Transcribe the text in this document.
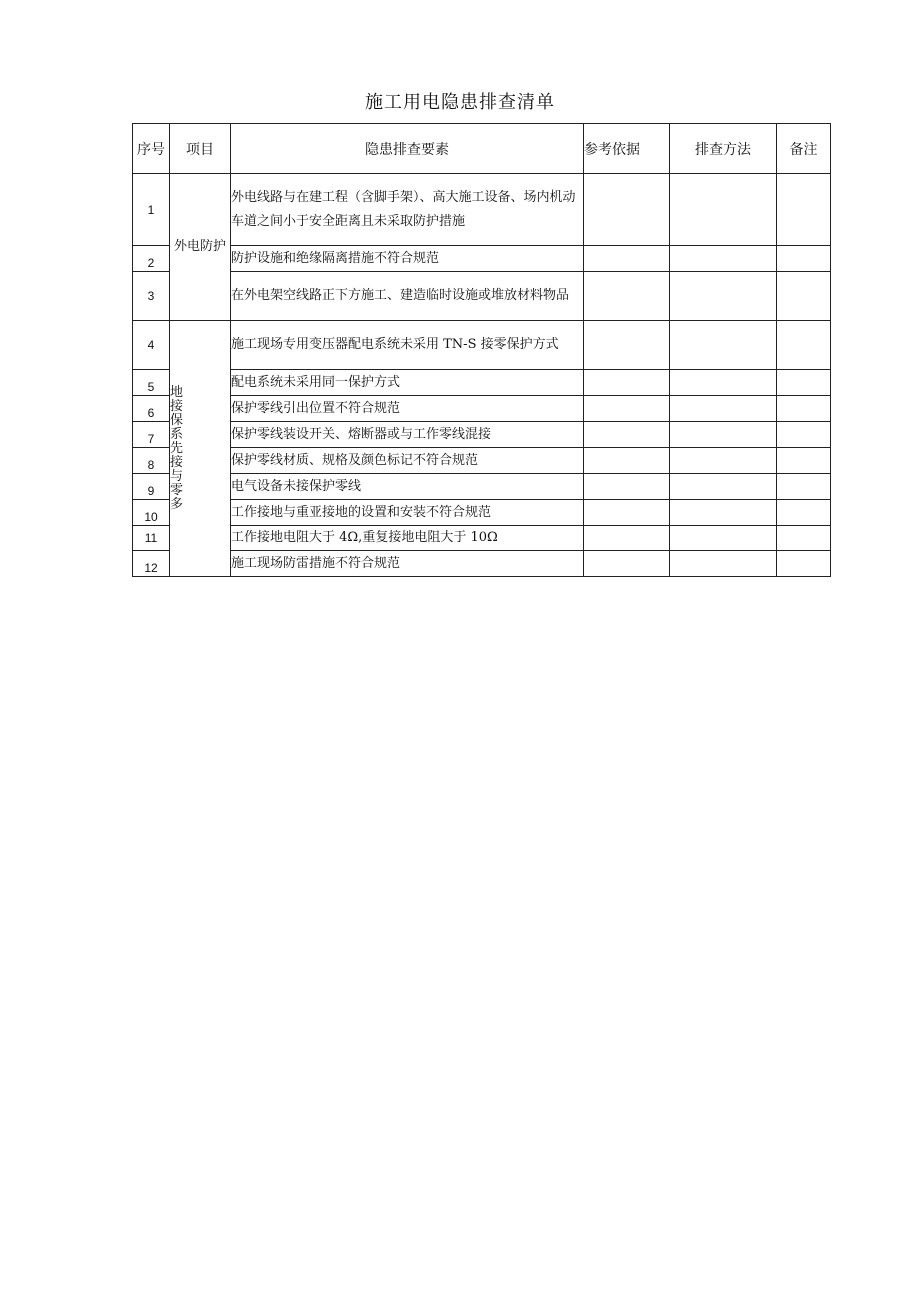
施工用电隐患排查清单
序号	项目	隐患排查要素	参考依据	排查方法	备注
1	外电防护	外电线路与在建工程（含脚手架）、高大施工设备、场内机动车道之间小于安全距离且未采取防护措施			
2		防护设施和绝缘隔离措施不符合规范			
3		在外电架空线路正下方施工、建造临时设施或堆放材料物品			
4	地接保系先接与零多	施工现场专用变压器配电系统未采用 TN-S 接零保护方式			
5		配电系统未采用同一保护方式			
6		保护零线引出位置不符合规范			
7		保护零线装设开关、熔断器或与工作零线混接			
8		保护零线材质、规格及颜色标记不符合规范			
9		电气设备未接保护零线			
10		工作接地与重亚接地的设置和安装不符合规范			
11		工作接地电阻大于 4Ω,重复接地电阻大于 10Ω			
12		施工现场防雷措施不符合规范			
